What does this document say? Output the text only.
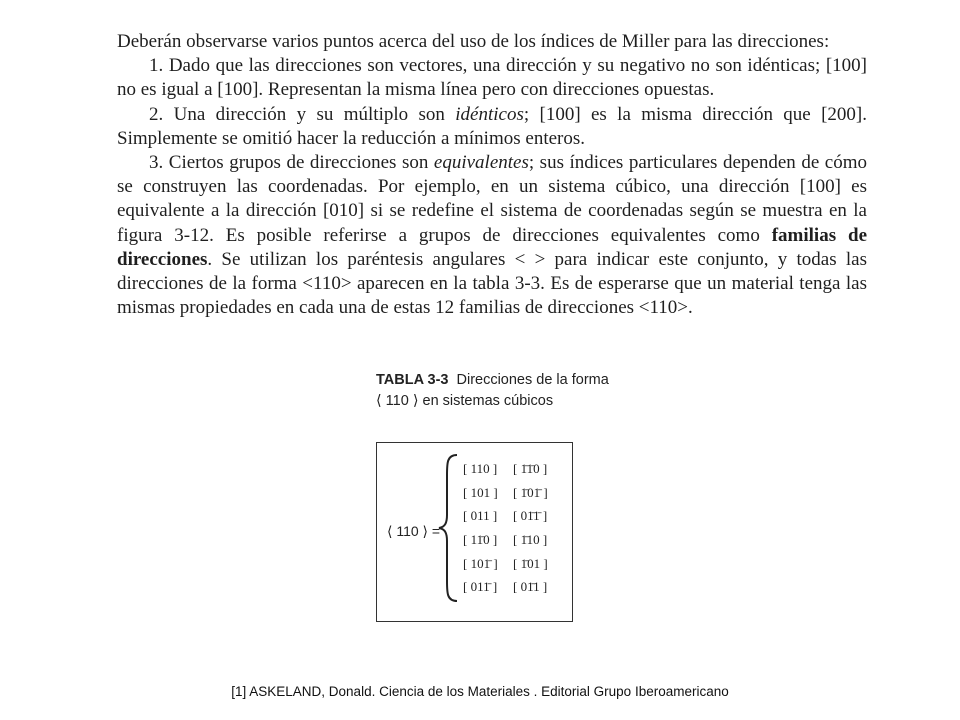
Deberán observarse varios puntos acerca del uso de los índices de Miller para las direcciones:

1. Dado que las direcciones son vectores, una dirección y su negativo no son idénticas; [100] no es igual a [100]. Representan la misma línea pero con direcciones opuestas.

2. Una dirección y su múltiplo son idénticos; [100] es la misma dirección que [200]. Simplemente se omitió hacer la reducción a mínimos enteros.

3. Ciertos grupos de direcciones son equivalentes; sus índices particulares dependen de cómo se construyen las coordenadas. Por ejemplo, en un sistema cúbico, una dirección [100] es equivalente a la dirección [010] si se redefine el sistema de coordenadas según se muestra en la figura 3-12. Es posible referirse a grupos de direcciones equivalentes como familias de direcciones. Se utilizan los paréntesis angulares < > para indicar este conjunto, y todas las direcciones de la forma <110> aparecen en la tabla 3-3. Es de esperarse que un material tenga las mismas propiedades en cada una de estas 12 familias de direcciones <110>.

TABLA 3-3 Direcciones de la forma
⟨ 110 ⟩ en sistemas cúbicos
⟨ 110 ⟩ =
[ 110 ] [ 1̄1̄0 ]
[ 101 ] [ 1̄01̄ ]
[ 011 ] [ 01̄1̄ ]
[ 11̄0 ] [ 1̄10 ]
[ 101̄ ] [ 1̄01 ]
[ 011̄ ] [ 01̄1 ]
[1] ASKELAND, Donald. Ciencia de los Materiales . Editorial Grupo Iberoamericano
